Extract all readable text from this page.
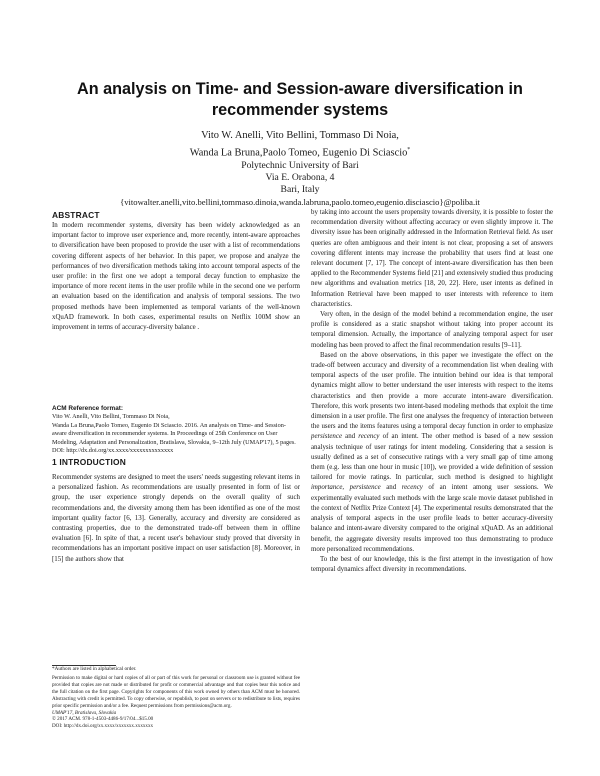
An analysis on Time- and Session-aware diversification in recommender systems
Vito W. Anelli, Vito Bellini, Tommaso Di Noia,
Wanda La Bruna,Paolo Tomeo, Eugenio Di Sciascio*
Polytechnic University of Bari
Via E. Orabona, 4
Bari, Italy
{vitowalter.anelli,vito.bellini,tommaso.dinoia,wanda.labruna,paolo.tomeo,eugenio.disciascio}@poliba.it
ABSTRACT

In modern recommender systems, diversity has been widely acknowledged as an important factor to improve user experience and, more recently, intent-aware approaches to diversification have been proposed to provide the user with a list of recommendations covering different aspects of her behavior. In this paper, we propose and analyze the performances of two diversification methods taking into account temporal aspects of the user profile: in the first one we adopt a temporal decay function to emphasize the importance of more recent items in the user profile while in the second one we perform an evaluation based on the identification and analysis of temporal sessions. The two proposed methods have been implemented as temporal variants of the well-known xQuAD framework. In both cases, experimental results on Netflix 100M show an improvement in terms of accuracy-diversity balance .

ACM Reference format:

Vito W. Anelli, Vito Bellini, Tommaso Di Noia,

Wanda La Bruna,Paolo Tomeo, Eugenio Di Sciascio. 2016. An analysis on Time- and Session-aware diversification in recommender systems. In Proceedings of 25th Conference on User Modeling, Adaptation and Personalization, Bratislava, Slovakia, 9–12th July (UMAP'17), 5 pages.

DOI: http://dx.doi.org/xx.xxxx/xxxxxxxxxxxxxx

1 INTRODUCTION

Recommender systems are designed to meet the users' needs suggesting relevant items in a personalized fashion. As recommendations are usually presented in form of list or group, the user experience strongly depends on the overall quality of such recommendations and, the diversity among them has been identified as one of the most important quality factor [6, 13]. Generally, accuracy and diversity are considered as contrasting properties, due to the demonstrated trade-off between them in offline evaluation [6]. In spite of that, a recent user's behaviour study proved that diversity in recommendations has an important positive impact on user satisfaction [8]. Moreover, in [15] the authors show that

*Authors are listed in alphabetical order.

Permission to make digital or hard copies of all or part of this work for personal or classroom use is granted without fee provided that copies are not made or distributed for profit or commercial advantage and that copies bear this notice and the full citation on the first page. Copyrights for components of this work owned by others than ACM must be honored. Abstracting with credit is permitted. To copy otherwise, or republish, to post on servers or to redistribute to lists, requires prior specific permission and/or a fee. Request permissions from permissions@acm.org.

UMAP'17, Bratislava, Slovakia

© 2017 ACM. 978-1-4503-4486-9/17/04...$15.00

DOI: http://dx.doi.org/xx.xxxx/xxxxxxx.xxxxxxx

by taking into account the users propensity towards diversity, it is possible to foster the recommendation diversity without affecting accuracy or even slightly improve it. The diversity issue has been originally addressed in the Information Retrieval field. As user queries are often ambiguous and their intent is not clear, proposing a set of answers covering different intents may increase the probability that users find at least one relevant document [7, 17]. The concept of intent-aware diversification has then been applied to the Recommender Systems field [21] and extensively studied thus producing new algorithms and evaluation metrics [18, 20, 22]. Here, user intents as defined in Information Retrieval have been mapped to user interests with reference to item characteristics.

Very often, in the design of the model behind a recommendation engine, the user profile is considered as a static snapshot without taking into proper account its temporal dimension. Actually, the importance of analyzing temporal aspect for user modeling has been proved to affect the final recommendation results [9–11].

Based on the above observations, in this paper we investigate the effect on the trade-off between accuracy and diversity of a recommendation list when dealing with temporal aspects of the user profile. The intuition behind our idea is that temporal dynamics might allow to better understand the user interests with respect to the items characteristics and then provide a more accurate intent-aware diversification. Therefore, this work presents two intent-based modeling methods that exploit the time dimension in a user profile. The first one analyses the frequency of interaction between the users and the items features using a temporal decay function in order to emphasize persistence and recency of an intent. The other method is based of a new session analysis technique of user ratings for intent modeling. Considering that a session is usually defined as a set of consecutive ratings with a very small gap of time among them (e.g. less than one hour in music [10]), we provided a wide definition of session tailored for movie ratings. In particular, such method is designed to highlight importance, persistence and recency of an intent among user sessions. We experimentally evaluated such methods with the large scale movie dataset published in the context of Netflix Prize Context [4]. The experimental results demonstrated that the analysis of temporal aspects in the user profile leads to better accuracy-diversity balance and intent-aware diversity compared to the original xQuAD. As an additional benefit, the aggregate diversity results improved too thus demonstrating to produce more personalized recommendations.

To the best of our knowledge, this is the first attempt in the investigation of how temporal dynamics affect diversity in recommendations.
